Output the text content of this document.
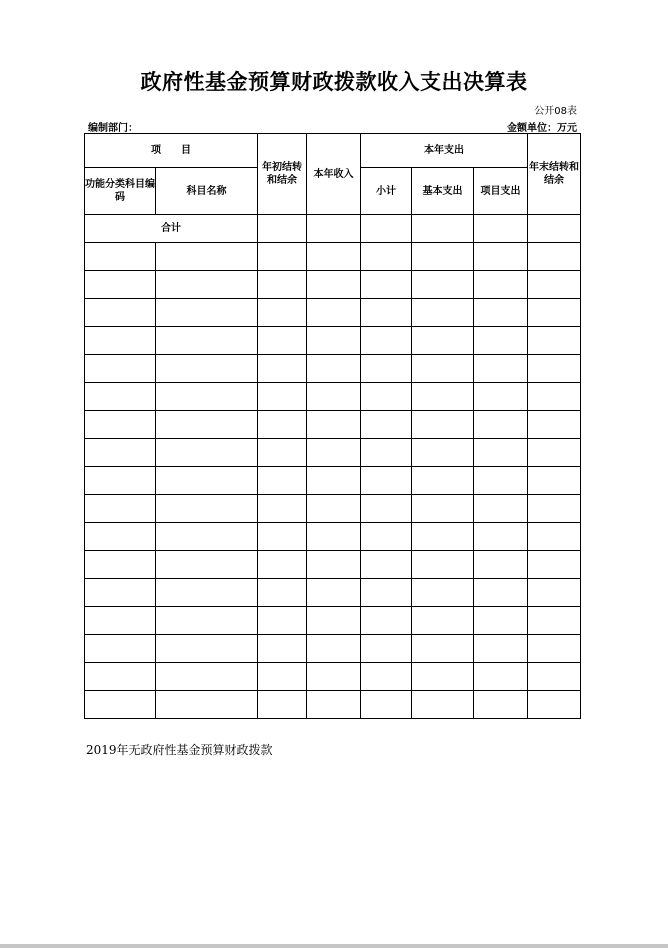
政府性基金预算财政拨款收入支出决算表
公开08表
编制部门：	金额单位：万元
项　　目		年初结转和结余	本年收入	本年支出			年末结转和结余
功能分类科目编码	科目名称			小计	基本支出	项目支出	
合计							

2019年无政府性基金预算财政拨款
